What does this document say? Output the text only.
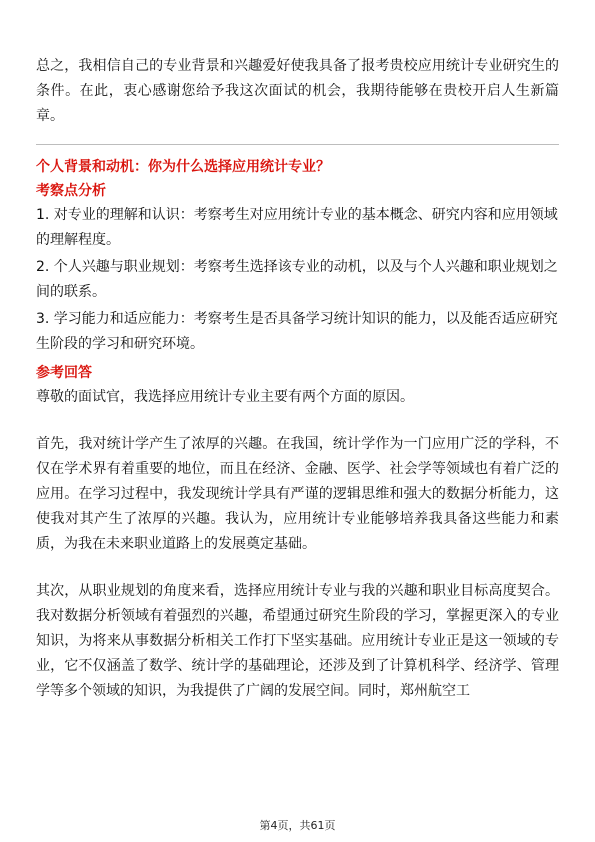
总之，我相信自己的专业背景和兴趣爱好使我具备了报考贵校应用统计专业研究生的条件。在此，衷心感谢您给予我这次面试的机会，我期待能够在贵校开启人生新篇章。

个人背景和动机：你为什么选择应用统计专业？

考察点分析

1. 对专业的理解和认识：考察考生对应用统计专业的基本概念、研究内容和应用领域的理解程度。

2. 个人兴趣与职业规划：考察考生选择该专业的动机，以及与个人兴趣和职业规划之间的联系。

3. 学习能力和适应能力：考察考生是否具备学习统计知识的能力，以及能否适应研究生阶段的学习和研究环境。

参考回答

尊敬的面试官，我选择应用统计专业主要有两个方面的原因。

首先，我对统计学产生了浓厚的兴趣。在我国，统计学作为一门应用广泛的学科，不仅在学术界有着重要的地位，而且在经济、金融、医学、社会学等领域也有着广泛的应用。在学习过程中，我发现统计学具有严谨的逻辑思维和强大的数据分析能力，这使我对其产生了浓厚的兴趣。我认为，应用统计专业能够培养我具备这些能力和素质，为我在未来职业道路上的发展奠定基础。

其次，从职业规划的角度来看，选择应用统计专业与我的兴趣和职业目标高度契合。我对数据分析领域有着强烈的兴趣，希望通过研究生阶段的学习，掌握更深入的专业知识，为将来从事数据分析相关工作打下坚实基础。应用统计专业正是这一领域的专业，它不仅涵盖了数学、统计学的基础理论，还涉及到了计算机科学、经济学、管理学等多个领域的知识，为我提供了广阔的发展空间。同时，郑州航空工

第4页，共61页
